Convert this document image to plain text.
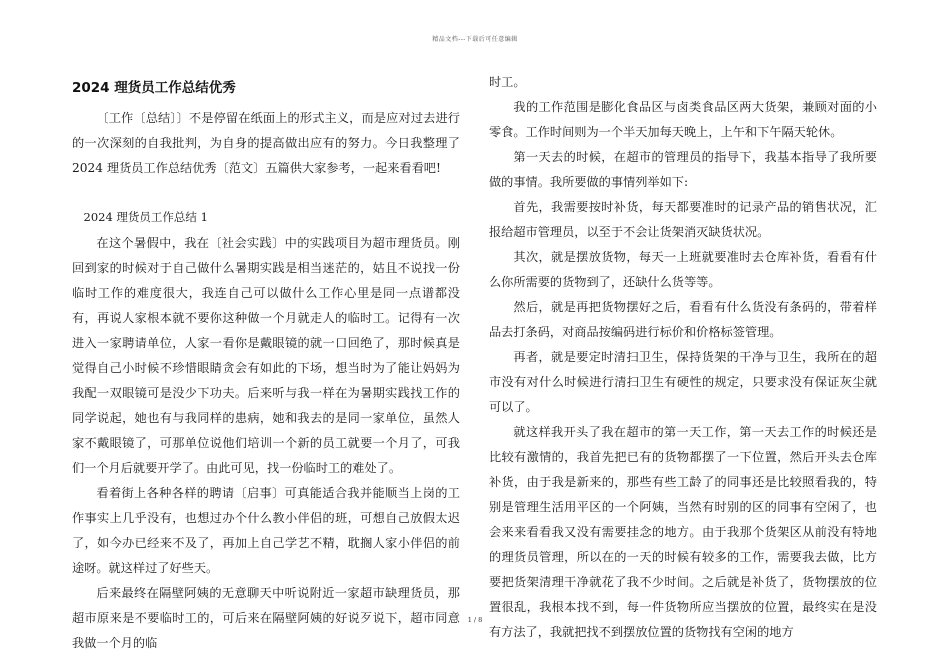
精品文档---下载后可任意编辑
2024 理货员工作总结优秀

〔工作〔总结〕〕不是停留在纸面上的形式主义，而是应对过去进行的一次深刻的自我批判，为自身的提高做出应有的努力。今日我整理了 2024 理货员工作总结优秀〔范文〕五篇供大家参考，一起来看看吧!

2024 理货员工作总结 1

在这个暑假中，我在〔社会实践〕中的实践项目为超市理货员。刚回到家的时候对于自己做什么暑期实践是相当迷茫的，姑且不说找一份临时工作的难度很大，我连自己可以做什么工作心里是同一点谱都没有，再说人家根本就不要你这种做一个月就走人的临时工。记得有一次进入一家聘请单位，人家一看你是戴眼镜的就一口回绝了，那时候真是觉得自己小时候不珍惜眼睛贪会有如此的下场，想当时为了能让妈妈为我配一双眼镜可是没少下功夫。后来听与我一样在为暑期实践找工作的同学说起，她也有与我同样的患病，她和我去的是同一家单位，虽然人家不戴眼镜了，可那单位说他们培训一个新的员工就要一个月了，可我们一个月后就要开学了。由此可见，找一份临时工的难处了。

看着街上各种各样的聘请〔启事〕可真能适合我并能顺当上岗的工作事实上几乎没有，也想过办个什么教小伴侣的班，可想自己放假太迟了，如今办已经来不及了，再加上自己学艺不精，耽搁人家小伴侣的前途呀。就这样过了好些天。

后来最终在隔壁阿姨的无意聊天中听说附近一家超市缺理货员，那超市原来是不要临时工的，可后来在隔壁阿姨的好说歹说下，超市同意我做一个月的临

时工。

我的工作范围是膨化食品区与卤类食品区两大货架，兼顾对面的小零食。工作时间则为一个半天加每天晚上，上午和下午隔天轮休。

第一天去的时候，在超市的管理员的指导下，我基本指导了我所要做的事情。我所要做的事情列举如下:

首先，我需要按时补货，每天都要准时的记录产品的销售状况，汇报给超市管理员，以至于不会让货架消灭缺货状况。

其次，就是摆放货物，每天一上班就要准时去仓库补货，看看有什么你所需要的货物到了，还缺什么货等等。

然后，就是再把货物摆好之后，看看有什么货没有条码的，带着样品去打条码，对商品按编码进行标价和价格标签管理。

再者，就是要定时清扫卫生，保持货架的干净与卫生，我所在的超市没有对什么时候进行清扫卫生有硬性的规定，只要求没有保证灰尘就可以了。

就这样我开头了我在超市的第一天工作，第一天去工作的时候还是比较有激情的，我首先把已有的货物都摆了一下位置，然后开头去仓库补货，由于我是新来的，那些有些工龄了的同事还是比较照看我的，特别是管理生活用平区的一个阿姨，当然有时别的区的同事有空闲了，也会来来看看我又没有需要挂念的地方。由于我那个货架区从前没有特地的理货员管理，所以在的一天的时候有较多的工作，需要我去做，比方要把货架清理干净就花了我不少时间。之后就是补货了，货物摆放的位置很乱，我根本找不到，每一件货物所应当摆放的位置，最终实在是没有方法了，我就把找不到摆放位置的货物找有空闲的地方

1 / 8
